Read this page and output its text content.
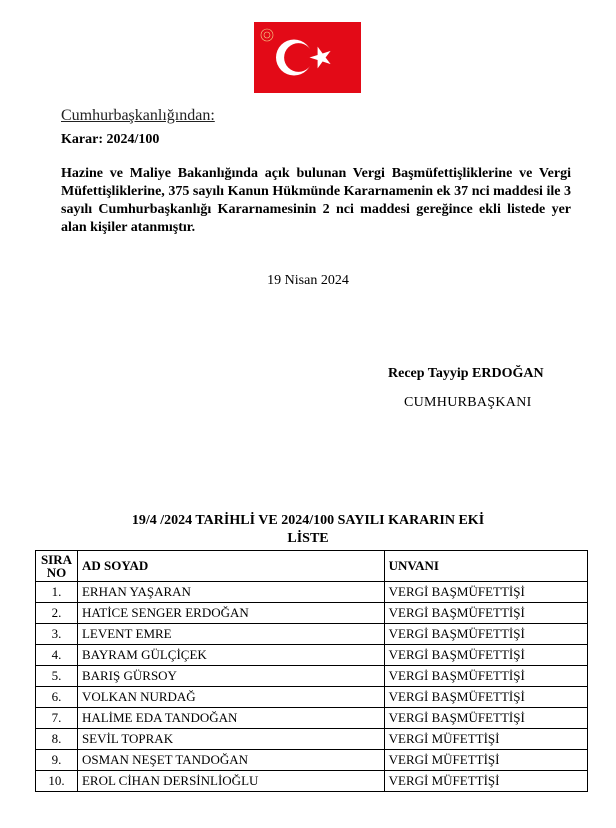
Cumhurbaşkanlığından:
Karar: 2024/100
Hazine ve Maliye Bakanlığında açık bulunan Vergi Başmüfettişliklerine ve Vergi Müfettişliklerine, 375 sayılı Kanun Hükmünde Kararnamenin ek 37 nci maddesi ile 3 sayılı Cumhurbaşkanlığı Kararnamesinin 2 nci maddesi gereğince ekli listede yer alan kişiler atanmıştır.
19 Nisan 2024
Recep Tayyip ERDOĞAN
CUMHURBAŞKANI
19/4 /2024 TARİHLİ VE 2024/100 SAYILI KARARIN EKİ
LİSTE
SIRA
NO	AD SOYAD	UNVANI
1.	ERHAN YAŞARAN	VERGİ BAŞMÜFETTİŞİ
2.	HATİCE SENGER ERDOĞAN	VERGİ BAŞMÜFETTİŞİ
3.	LEVENT EMRE	VERGİ BAŞMÜFETTİŞİ
4.	BAYRAM GÜLÇİÇEK	VERGİ BAŞMÜFETTİŞİ
5.	BARIŞ GÜRSOY	VERGİ BAŞMÜFETTİŞİ
6.	VOLKAN NURDAĞ	VERGİ BAŞMÜFETTİŞİ
7.	HALİME EDA TANDOĞAN	VERGİ BAŞMÜFETTİŞİ
8.	SEVİL TOPRAK	VERGİ MÜFETTİŞİ
9.	OSMAN NEŞET TANDOĞAN	VERGİ MÜFETTİŞİ
10.	EROL CİHAN DERSİNLİOĞLU	VERGİ MÜFETTİŞİ
